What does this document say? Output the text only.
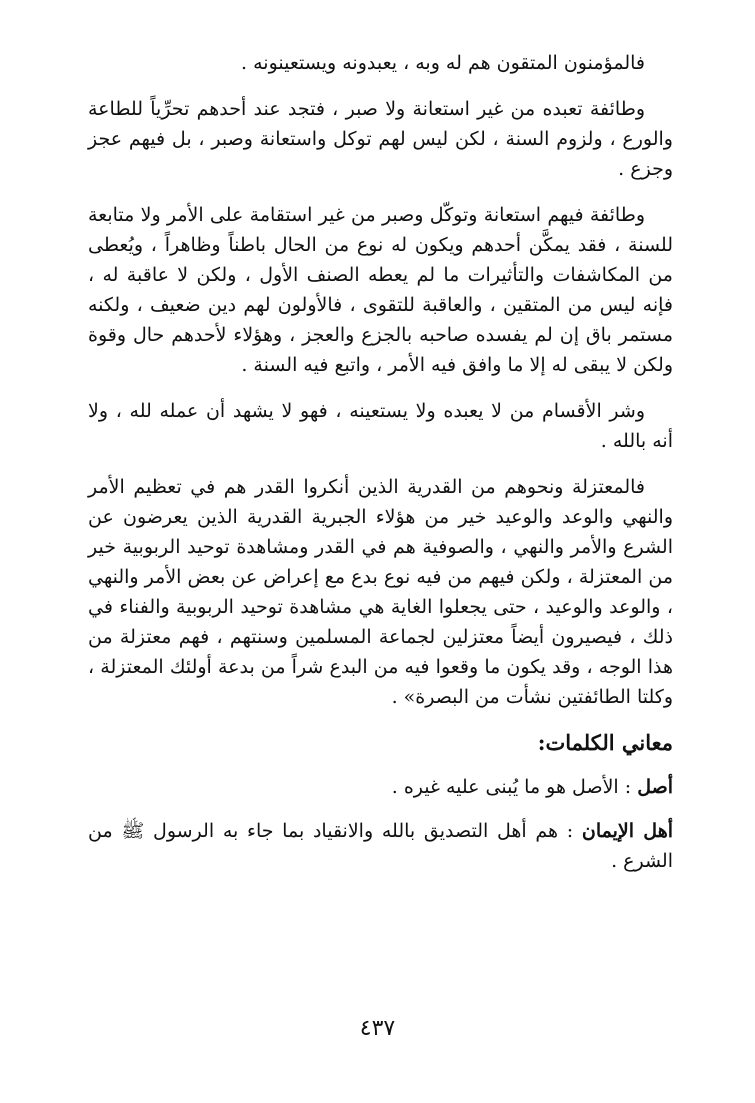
فالمؤمنون المتقون هم له وبه ، يعبدونه ويستعينونه .

وطائفة تعبده من غير استعانة ولا صبر ، فتجد عند أحدهم تحرِّياً للطاعة والورع ، ولزوم السنة ، لكن ليس لهم توكل واستعانة وصبر ، بل فيهم عجز وجزع .

وطائفة فيهم استعانة وتوكّل وصبر من غير استقامة على الأمر ولا متابعة للسنة ، فقد يمكَّن أحدهم ويكون له نوع من الحال باطناً وظاهراً ، ويُعطى من المكاشفات والتأثيرات ما لم يعطه الصنف الأول ، ولكن لا عاقبة له ، فإنه ليس من المتقين ، والعاقبة للتقوى ، فالأولون لهم دين ضعيف ، ولكنه مستمر باق إن لم يفسده صاحبه بالجزع والعجز ، وهؤلاء لأحدهم حال وقوة ولكن لا يبقى له إلا ما وافق فيه الأمر ، واتبع فيه السنة .

وشر الأقسام من لا يعبده ولا يستعينه ، فهو لا يشهد أن عمله لله ، ولا أنه بالله .

فالمعتزلة ونحوهم من القدرية الذين أنكروا القدر هم في تعظيم الأمر والنهي والوعد والوعيد خير من هؤلاء الجبرية القدرية الذين يعرضون عن الشرع والأمر والنهي ، والصوفية هم في القدر ومشاهدة توحيد الربوبية خير من المعتزلة ، ولكن فيهم من فيه نوع بدع مع إعراض عن بعض الأمر والنهي ، والوعد والوعيد ، حتى يجعلوا الغاية هي مشاهدة توحيد الربوبية والفناء في ذلك ، فيصيرون أيضاً معتزلين لجماعة المسلمين وسنتهم ، فهم معتزلة من هذا الوجه ، وقد يكون ما وقعوا فيه من البدع شراً من بدعة أولئك المعتزلة ، وكلتا الطائفتين نشأت من البصرة» .

معاني الكلمات:

أصل : الأصل هو ما يُبنى عليه غيره .

أهل الإيمان : هم أهل التصديق بالله والانقياد بما جاء به الرسول ﷺ من الشرع .

٤٣٧
